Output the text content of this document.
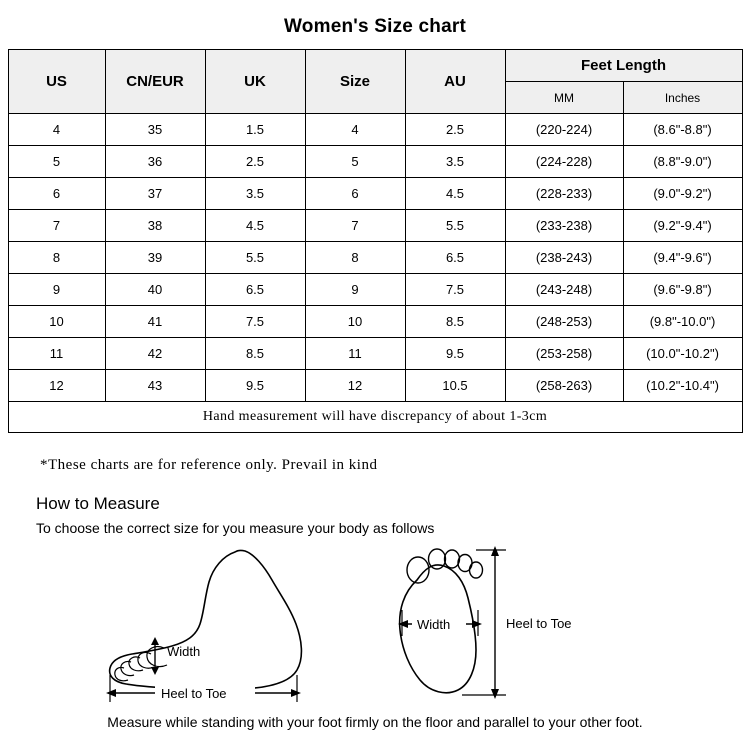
Women's Size chart
US	CN/EUR	UK	Size	AU	Feet Length	
					MM	Inches
4	35	1.5	4	2.5	(220-224)	(8.6"-8.8")
5	36	2.5	5	3.5	(224-228)	(8.8"-9.0")
6	37	3.5	6	4.5	(228-233)	(9.0"-9.2")
7	38	4.5	7	5.5	(233-238)	(9.2"-9.4")
8	39	5.5	8	6.5	(238-243)	(9.4"-9.6")
9	40	6.5	9	7.5	(243-248)	(9.6"-9.8")
10	41	7.5	10	8.5	(248-253)	(9.8"-10.0")
11	42	8.5	11	9.5	(253-258)	(10.0"-10.2")
12	43	9.5	12	10.5	(258-263)	(10.2"-10.4")
Hand measurement will have discrepancy of about 1-3cm						
*These charts are for reference only. Prevail in kind
How to Measure
To choose the correct size for you measure your body as follows
Width
Heel to Toe
Width	Heel to Toe
Measure while standing with your foot firmly on the floor and parallel to your other foot.
